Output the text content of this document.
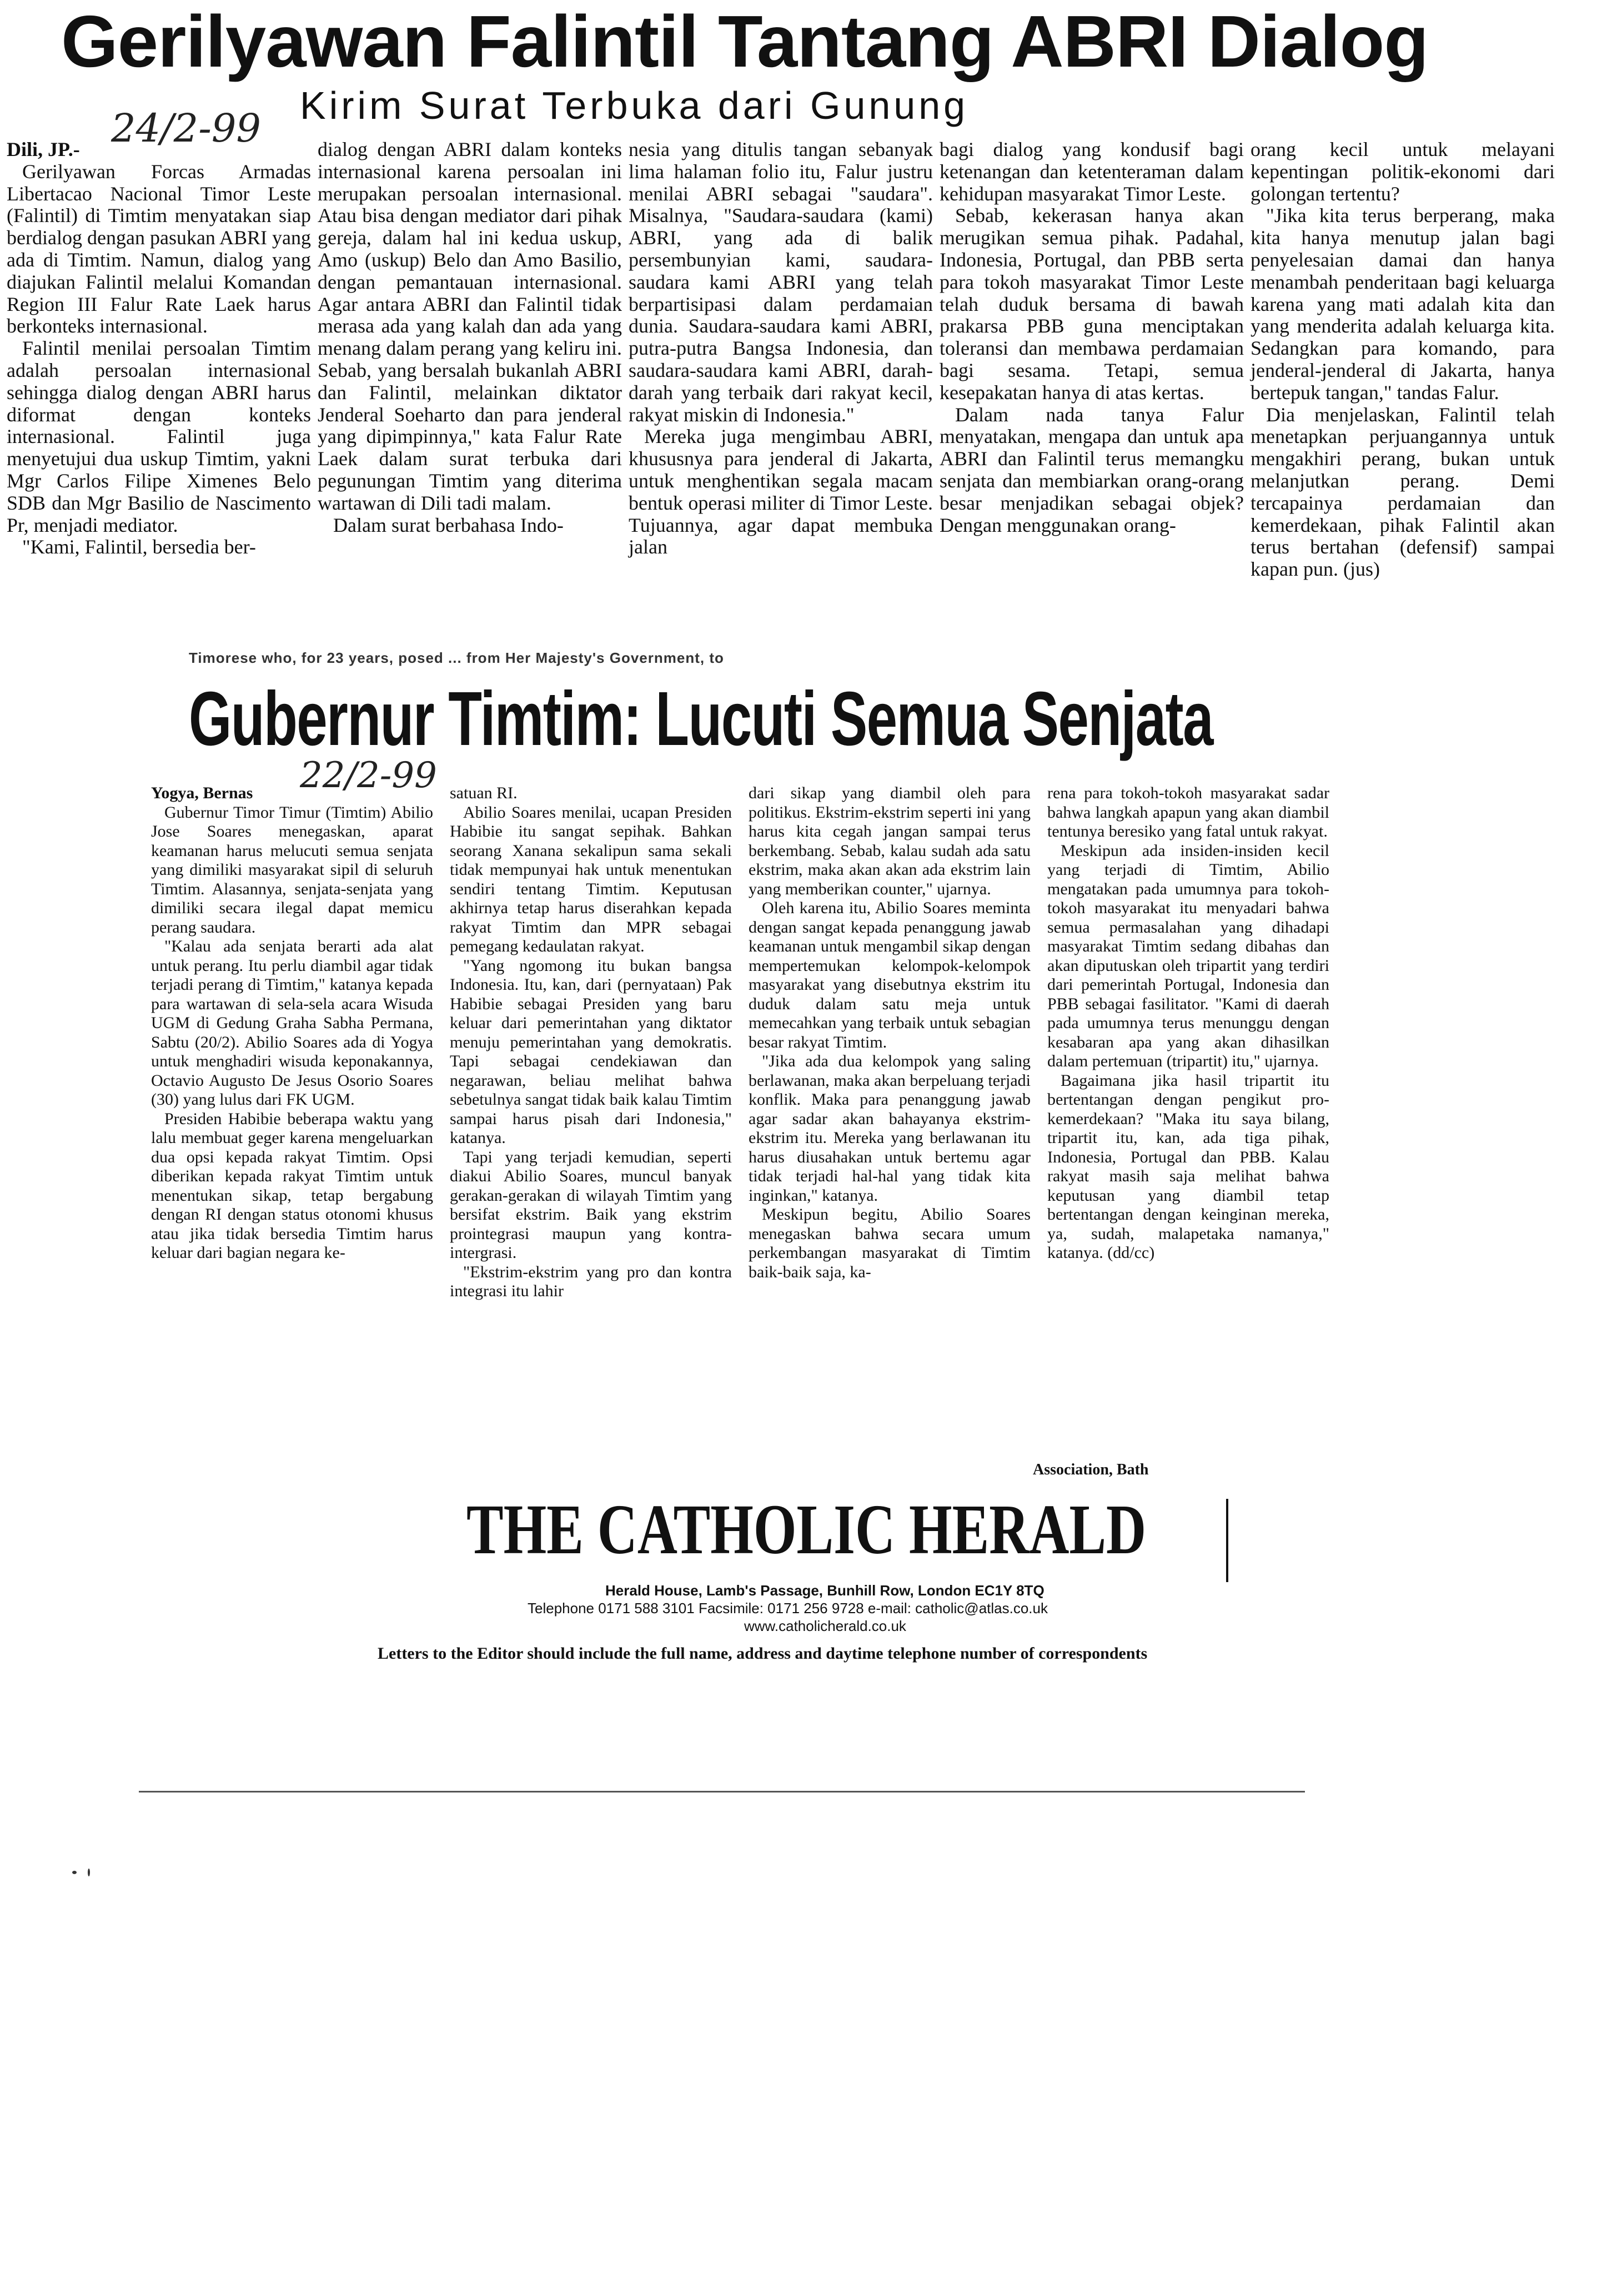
Gerilyawan Falintil Tantang ABRI Dialog
Kirim Surat Terbuka dari Gunung
24/2-99

Dili, JP.-

Gerilyawan Forcas Armadas Libertacao Nacional Timor Leste (Falintil) di Timtim menyatakan siap berdialog dengan pasukan ABRI yang ada di Timtim. Namun, dialog yang diajukan Falintil melalui Komandan Region III Falur Rate Laek harus berkonteks internasional.

Falintil menilai persoalan Timtim adalah persoalan internasional sehingga dialog dengan ABRI harus diformat dengan konteks internasional. Falintil juga menyetujui dua uskup Timtim, yakni Mgr Carlos Filipe Ximenes Belo SDB dan Mgr Basilio de Nascimento Pr, menjadi mediator.

"Kami, Falintil, bersedia ber-

dialog dengan ABRI dalam konteks internasional karena persoalan ini merupakan persoalan internasional. Atau bisa dengan mediator dari pihak gereja, dalam hal ini kedua uskup, Amo (uskup) Belo dan Amo Basilio, dengan pemantauan internasional. Agar antara ABRI dan Falintil tidak merasa ada yang kalah dan ada yang menang dalam perang yang keliru ini. Sebab, yang bersalah bukanlah ABRI dan Falintil, melainkan diktator Jenderal Soeharto dan para jenderal yang dipimpinnya," kata Falur Rate Laek dalam surat terbuka dari pegunungan Timtim yang diterima wartawan di Dili tadi malam.

Dalam surat berbahasa Indo-

nesia yang ditulis tangan sebanyak lima halaman folio itu, Falur justru menilai ABRI sebagai "saudara". Misalnya, "Saudara-saudara (kami) ABRI, yang ada di balik persembunyian kami, saudara-saudara kami ABRI yang telah berpartisipasi dalam perdamaian dunia. Saudara-saudara kami ABRI, putra-putra Bangsa Indonesia, dan saudara-saudara kami ABRI, darah-darah yang terbaik dari rakyat kecil, rakyat miskin di Indonesia."

Mereka juga mengimbau ABRI, khususnya para jenderal di Jakarta, untuk menghentikan segala macam bentuk operasi militer di Timor Leste. Tujuannya, agar dapat membuka jalan

bagi dialog yang kondusif bagi ketenangan dan ketenteraman dalam kehidupan masyarakat Timor Leste.

Sebab, kekerasan hanya akan merugikan semua pihak. Padahal, Indonesia, Portugal, dan PBB serta para tokoh masyarakat Timor Leste telah duduk bersama di bawah prakarsa PBB guna menciptakan toleransi dan membawa perdamaian bagi sesama. Tetapi, semua kesepakatan hanya di atas kertas.

Dalam nada tanya Falur menyatakan, mengapa dan untuk apa ABRI dan Falintil terus memangku senjata dan membiarkan orang-orang besar menjadikan sebagai objek? Dengan menggunakan orang-

orang kecil untuk melayani kepentingan politik-ekonomi dari golongan tertentu?

"Jika kita terus berperang, maka kita hanya menutup jalan bagi penyelesaian damai dan hanya menambah penderitaan bagi keluarga karena yang mati adalah kita dan yang menderita adalah keluarga kita. Sedangkan para komando, para jenderal-jenderal di Jakarta, hanya bertepuk tangan," tandas Falur.

Dia menjelaskan, Falintil telah menetapkan perjuangannya untuk mengakhiri perang, bukan untuk melanjutkan perang. Demi tercapainya perdamaian dan kemerdekaan, pihak Falintil akan terus bertahan (defensif) sampai kapan pun. (jus)

Timorese who, for 23 years, posed ... from Her Majesty's Government, to
Gubernur Timtim: Lucuti Semua Senjata
22/2-99

Yogya, Bernas

Gubernur Timor Timur (Timtim) Abilio Jose Soares menegaskan, aparat keamanan harus melucuti semua senjata yang dimiliki masyarakat sipil di seluruh Timtim. Alasannya, senjata-senjata yang dimiliki secara ilegal dapat memicu perang saudara.

"Kalau ada senjata berarti ada alat untuk perang. Itu perlu diambil agar tidak terjadi perang di Timtim," katanya kepada para wartawan di sela-sela acara Wisuda UGM di Gedung Graha Sabha Permana, Sabtu (20/2). Abilio Soares ada di Yogya untuk menghadiri wisuda keponakannya, Octavio Augusto De Jesus Osorio Soares (30) yang lulus dari FK UGM.

Presiden Habibie beberapa waktu yang lalu membuat geger karena mengeluarkan dua opsi kepada rakyat Timtim. Opsi diberikan kepada rakyat Timtim untuk menentukan sikap, tetap bergabung dengan RI dengan status otonomi khusus atau jika tidak bersedia Timtim harus keluar dari bagian negara ke-

satuan RI.

Abilio Soares menilai, ucapan Presiden Habibie itu sangat sepihak. Bahkan seorang Xanana sekalipun sama sekali tidak mempunyai hak untuk menentukan sendiri tentang Timtim. Keputusan akhirnya tetap harus diserahkan kepada rakyat Timtim dan MPR sebagai pemegang kedaulatan rakyat.

"Yang ngomong itu bukan bangsa Indonesia. Itu, kan, dari (pernyataan) Pak Habibie sebagai Presiden yang baru keluar dari pemerintahan yang diktator menuju pemerintahan yang demokratis. Tapi sebagai cendekiawan dan negarawan, beliau melihat bahwa sebetulnya sangat tidak baik kalau Timtim sampai harus pisah dari Indonesia," katanya.

Tapi yang terjadi kemudian, seperti diakui Abilio Soares, muncul banyak gerakan-gerakan di wilayah Timtim yang bersifat ekstrim. Baik yang ekstrim prointegrasi maupun yang kontra-intergrasi.

"Ekstrim-ekstrim yang pro dan kontra integrasi itu lahir

dari sikap yang diambil oleh para politikus. Ekstrim-ekstrim seperti ini yang harus kita cegah jangan sampai terus berkembang. Sebab, kalau sudah ada satu ekstrim, maka akan akan ada ekstrim lain yang memberikan counter," ujarnya.

Oleh karena itu, Abilio Soares meminta dengan sangat kepada penanggung jawab keamanan untuk mengambil sikap dengan mempertemukan kelompok-kelompok masyarakat yang disebutnya ekstrim itu duduk dalam satu meja untuk memecahkan yang terbaik untuk sebagian besar rakyat Timtim.

"Jika ada dua kelompok yang saling berlawanan, maka akan berpeluang terjadi konflik. Maka para penanggung jawab agar sadar akan bahayanya ekstrim-ekstrim itu. Mereka yang berlawanan itu harus diusahakan untuk bertemu agar tidak terjadi hal-hal yang tidak kita inginkan," katanya.

Meskipun begitu, Abilio Soares menegaskan bahwa secara umum perkembangan masyarakat di Timtim baik-baik saja, ka-

rena para tokoh-tokoh masyarakat sadar bahwa langkah apapun yang akan diambil tentunya beresiko yang fatal untuk rakyat.

Meskipun ada insiden-insiden kecil yang terjadi di Timtim, Abilio mengatakan pada umumnya para tokoh-tokoh masyarakat itu menyadari bahwa semua permasalahan yang dihadapi masyarakat Timtim sedang dibahas dan akan diputuskan oleh tripartit yang terdiri dari pemerintah Portugal, Indonesia dan PBB sebagai fasilitator. "Kami di daerah pada umumnya terus menunggu dengan kesabaran apa yang akan dihasilkan dalam pertemuan (tripartit) itu," ujarnya.

Bagaimana jika hasil tripartit itu bertentangan dengan pengikut pro-kemerdekaan? "Maka itu saya bilang, tripartit itu, kan, ada tiga pihak, Indonesia, Portugal dan PBB. Kalau rakyat masih saja melihat bahwa keputusan yang diambil tetap bertentangan dengan keinginan mereka, ya, sudah, malapetaka namanya," katanya. (dd/cc)

Association, Bath
THE CATHOLIC HERALD
Herald House, Lamb's Passage, Bunhill Row, London EC1Y 8TQ
Telephone 0171 588 3101 Facsimile: 0171 256 9728 e-mail: catholic@atlas.co.uk
www.catholicherald.co.uk
Letters to the Editor should include the full name, address and daytime telephone number of correspondents
